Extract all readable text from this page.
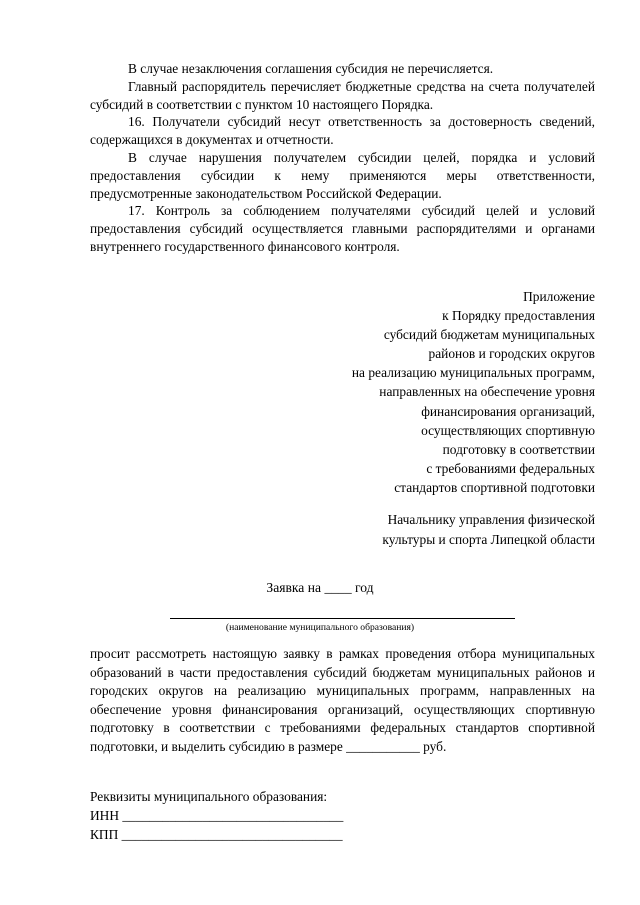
В случае незаключения соглашения субсидия не перечисляется.

Главный распорядитель перечисляет бюджетные средства на счета получателей субсидий в соответствии с пунктом 10 настоящего Порядка.

16. Получатели субсидий несут ответственность за достоверность сведений, содержащихся в документах и отчетности.

В случае нарушения получателем субсидии целей, порядка и условий предоставления субсидии к нему применяются меры ответственности, предусмотренные законодательством Российской Федерации.

17. Контроль за соблюдением получателями субсидий целей и условий предоставления субсидий осуществляется главными распорядителями и органами внутреннего государственного финансового контроля.

Приложение
к Порядку предоставления
субсидий бюджетам муниципальных
районов и городских округов
на реализацию муниципальных программ,
направленных на обеспечение уровня
финансирования организаций,
осуществляющих спортивную
подготовку в соответствии
с требованиями федеральных
стандартов спортивной подготовки
Начальнику управления физической
культуры и спорта Липецкой области
Заявка на ____ год
(наименование муниципального образования)
просит рассмотреть настоящую заявку в рамках проведения отбора муниципальных образований в части предоставления субсидий бюджетам муниципальных районов и городских округов на реализацию муниципальных программ, направленных на обеспечение уровня финансирования организаций, осуществляющих спортивную подготовку в соответствии с требованиями федеральных стандартов спортивной подготовки, и выделить субсидию в размере ___________ руб.
Реквизиты муниципального образования:
ИНН _________________________________
КПП _________________________________
